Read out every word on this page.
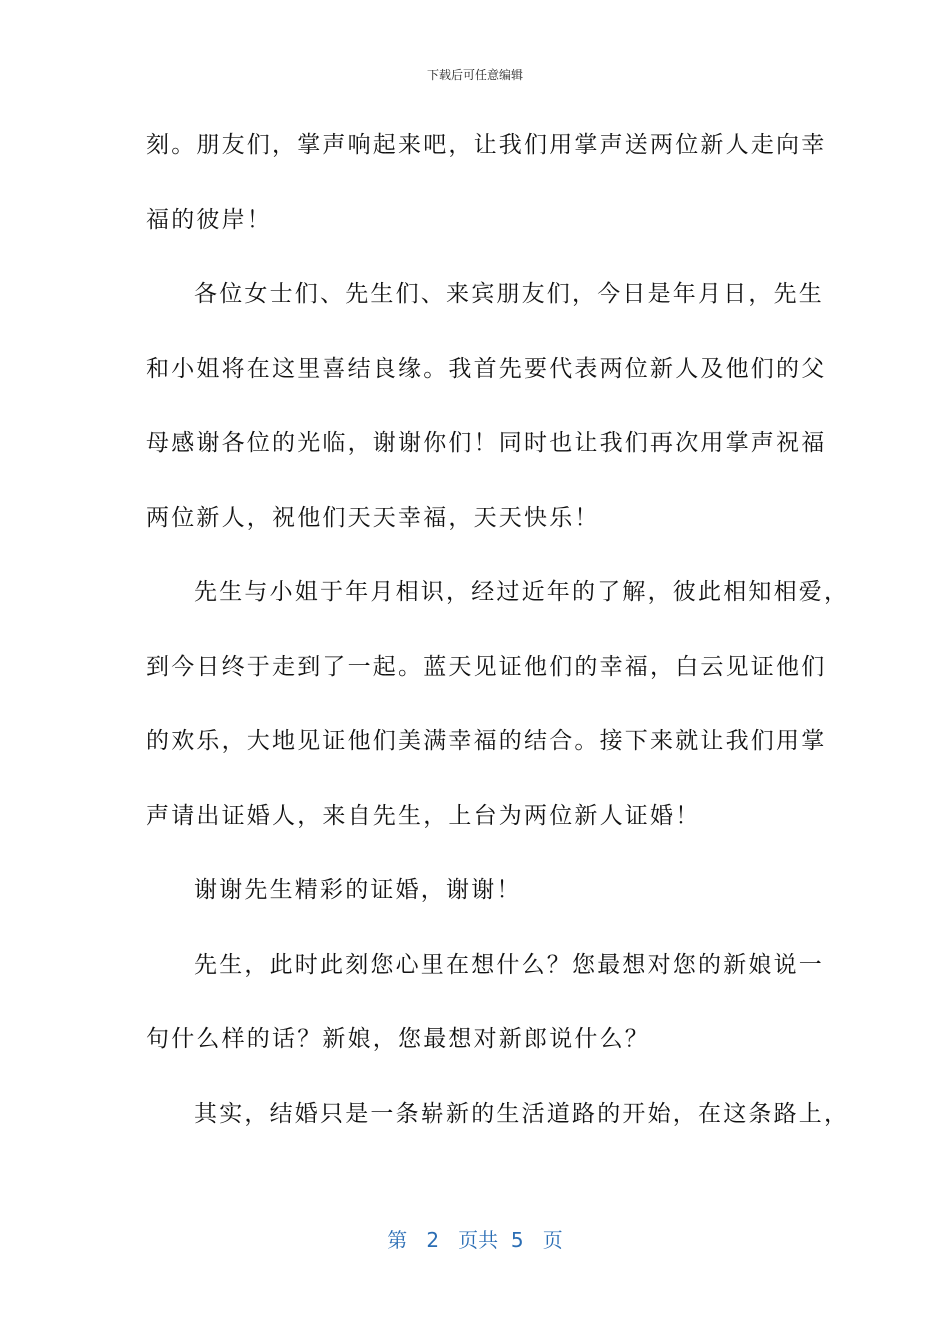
下载后可任意编辑
刻。朋友们，掌声响起来吧，让我们用掌声送两位新人走向幸
福的彼岸！
各位女士们、先生们、来宾朋友们，今日是年月日，先生
和小姐将在这里喜结良缘。我首先要代表两位新人及他们的父
母感谢各位的光临，谢谢你们！同时也让我们再次用掌声祝福
两位新人，祝他们天天幸福，天天快乐！
先生与小姐于年月相识，经过近年的了解，彼此相知相爱，
到今日终于走到了一起。蓝天见证他们的幸福，白云见证他们
的欢乐，大地见证他们美满幸福的结合。接下来就让我们用掌
声请出证婚人，来自先生，上台为两位新人证婚！
谢谢先生精彩的证婚，谢谢！
先生，此时此刻您心里在想什么？您最想对您的新娘说一
句什么样的话？新娘，您最想对新郎说什么？
其实，结婚只是一条崭新的生活道路的开始，在这条路上，
第 2 页共 5 页
